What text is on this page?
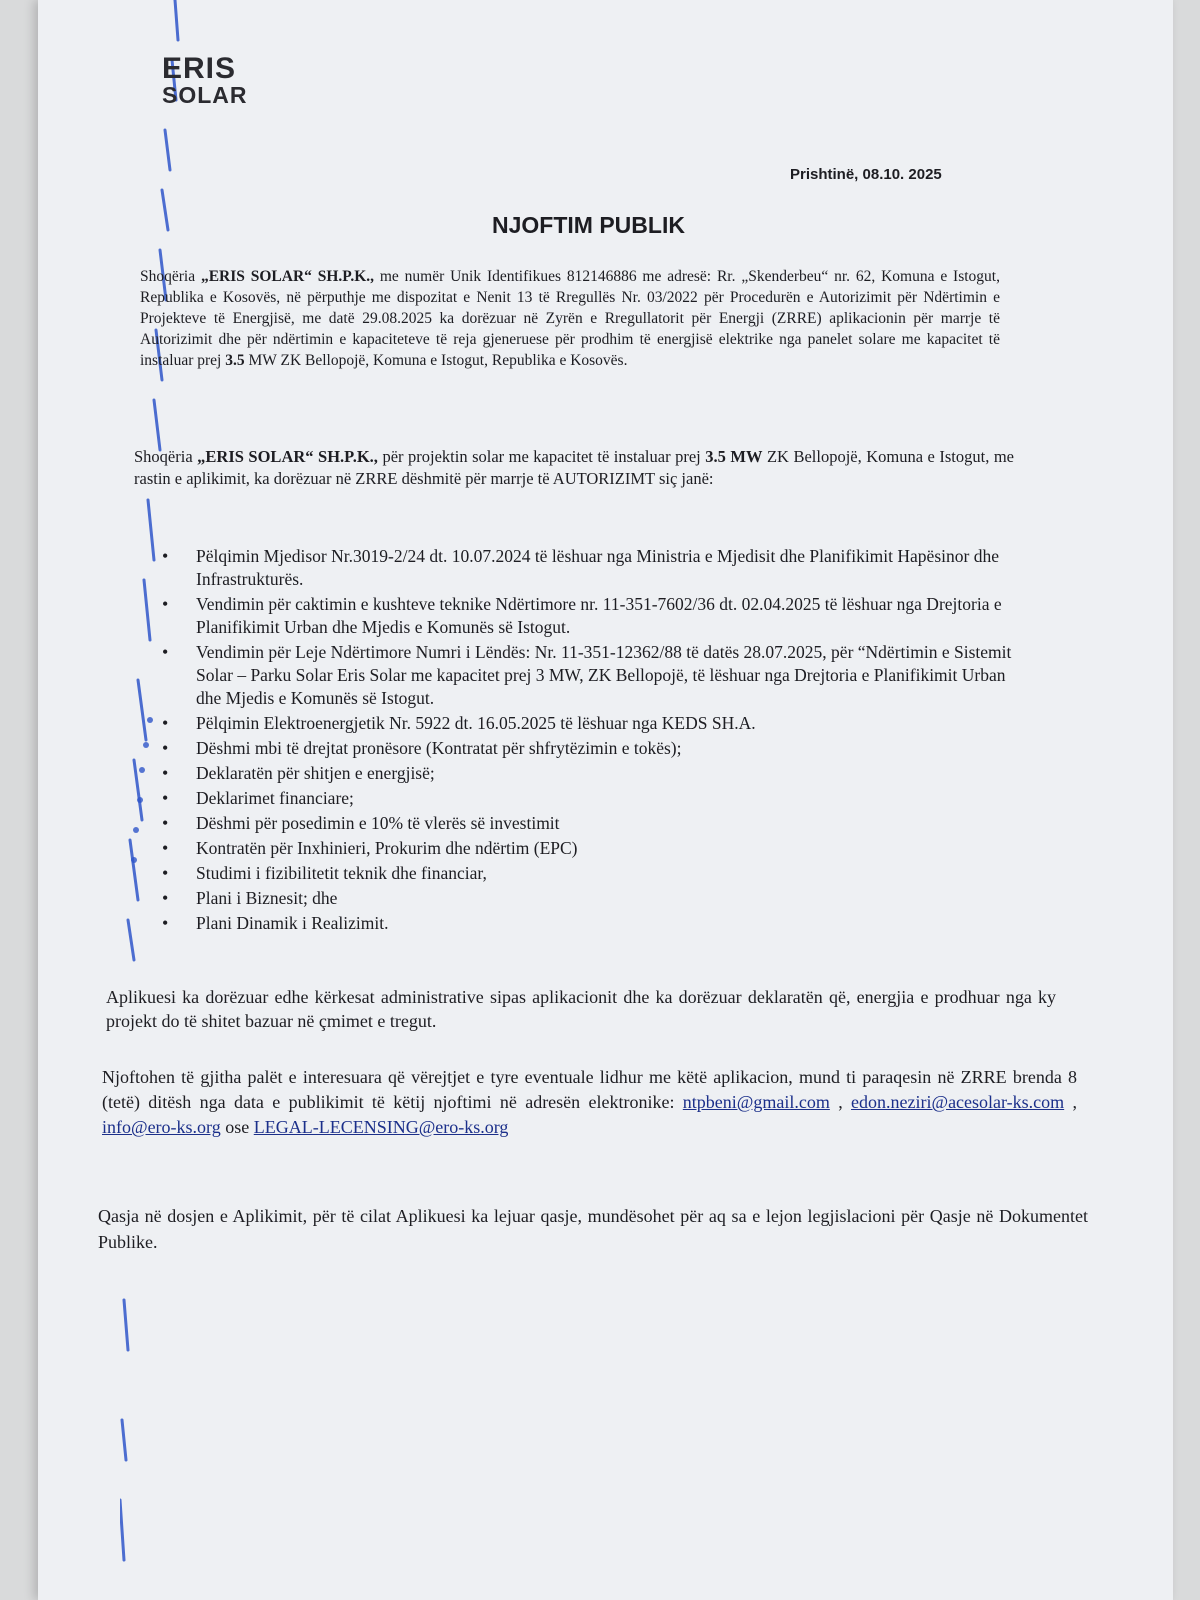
ERIS
SOLAR
Prishtinë, 08.10. 2025
NJOFTIM PUBLIK
Shoqëria „ERIS SOLAR“ SH.P.K., me numër Unik Identifikues 812146886 me adresë: Rr. „Skenderbeu“ nr. 62, Komuna e Istogut, Republika e Kosovës, në përputhje me dispozitat e Nenit 13 të Rregullës Nr. 03/2022 për Procedurën e Autorizimit për Ndërtimin e Projekteve të Energjisë, me datë 29.08.2025 ka dorëzuar në Zyrën e Rregullatorit për Energji (ZRRE) aplikacionin për marrje të Autorizimit dhe për ndërtimin e kapaciteteve të reja gjeneruese për prodhim të energjisë elektrike nga panelet solare me kapacitet të instaluar prej 3.5 MW ZK Bellopojë, Komuna e Istogut, Republika e Kosovës.
Shoqëria „ERIS SOLAR“ SH.P.K., për projektin solar me kapacitet të instaluar prej 3.5 MW ZK Bellopojë, Komuna e Istogut, me rastin e aplikimit, ka dorëzuar në ZRRE dëshmitë për marrje të AUTORIZIMT siç janë:
• Pëlqimin Mjedisor Nr.3019-2/24 dt. 10.07.2024 të lëshuar nga Ministria e Mjedisit dhe Planifikimit Hapësinor dhe Infrastrukturës.
• Vendimin për caktimin e kushteve teknike Ndërtimore nr. 11-351-7602/36 dt. 02.04.2025 të lëshuar nga Drejtoria e Planifikimit Urban dhe Mjedis e Komunës së Istogut.
• Vendimin për Leje Ndërtimore Numri i Lëndës: Nr. 11-351-12362/88 të datës 28.07.2025, për “Ndërtimin e Sistemit Solar – Parku Solar Eris Solar me kapacitet prej 3 MW, ZK Bellopojë, të lëshuar nga Drejtoria e Planifikimit Urban dhe Mjedis e Komunës së Istogut.
• Pëlqimin Elektroenergjetik Nr. 5922 dt. 16.05.2025 të lëshuar nga KEDS SH.A.
• Dëshmi mbi të drejtat pronësore (Kontratat për shfrytëzimin e tokës);
• Deklaratën për shitjen e energjisë;
• Deklarimet financiare;
• Dëshmi për posedimin e 10% të vlerës së investimit
• Kontratën për Inxhinieri, Prokurim dhe ndërtim (EPC)
• Studimi i fizibilitetit teknik dhe financiar,
• Plani i Biznesit; dhe
• Plani Dinamik i Realizimit.
Aplikuesi ka dorëzuar edhe kërkesat administrative sipas aplikacionit dhe ka dorëzuar deklaratën që, energjia e prodhuar nga ky projekt do të shitet bazuar në çmimet e tregut.
Njoftohen të gjitha palët e interesuara që vërejtjet e tyre eventuale lidhur me këtë aplikacion, mund ti paraqesin në ZRRE brenda 8 (tetë) ditësh nga data e publikimit të këtij njoftimi në adresën elektronike: ntpbeni@gmail.com , edon.neziri@acesolar-ks.com , info@ero-ks.org ose LEGAL-LECENSING@ero-ks.org
Qasja në dosjen e Aplikimit, për të cilat Aplikuesi ka lejuar qasje, mundësohet për aq sa e lejon legjislacioni për Qasje në Dokumentet Publike.
